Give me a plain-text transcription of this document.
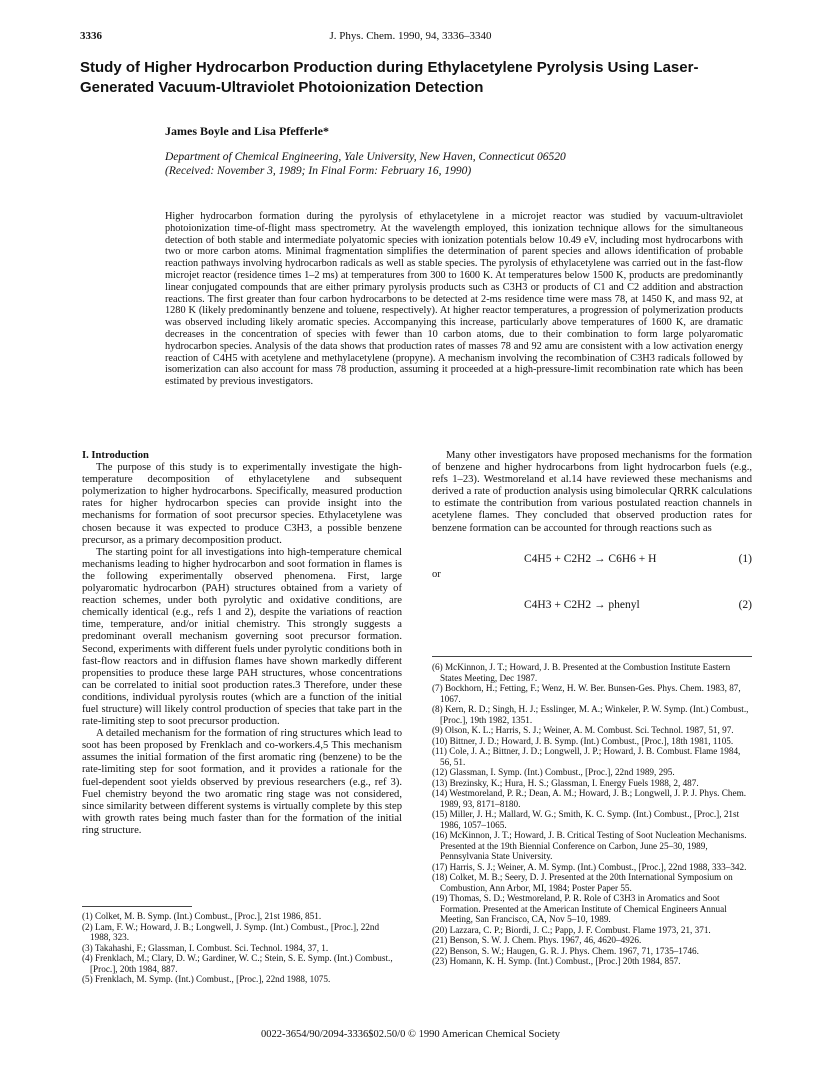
3336	J. Phys. Chem. 1990, 94, 3336–3340
Study of Higher Hydrocarbon Production during Ethylacetylene Pyrolysis Using Laser-Generated Vacuum-Ultraviolet Photoionization Detection
James Boyle and Lisa Pfefferle*
Department of Chemical Engineering, Yale University, New Haven, Connecticut 06520
(Received: November 3, 1989; In Final Form: February 16, 1990)
Higher hydrocarbon formation during the pyrolysis of ethylacetylene in a microjet reactor was studied by vacuum-ultraviolet photoionization time-of-flight mass spectrometry. At the wavelength employed, this ionization technique allows for the simultaneous detection of both stable and intermediate polyatomic species with ionization potentials below 10.49 eV, including most hydrocarbons with two or more carbon atoms. Minimal fragmentation simplifies the determination of parent species and allows identification of probable reaction pathways involving hydrocarbon radicals as well as stable species. The pyrolysis of ethylacetylene was carried out in the fast-flow microjet reactor (residence times 1–2 ms) at temperatures from 300 to 1600 K. At temperatures below 1500 K, products are predominantly linear conjugated compounds that are either primary pyrolysis products such as C3H3 or products of C1 and C2 addition and abstraction reactions. The first greater than four carbon hydrocarbons to be detected at 2-ms residence time were mass 78, at 1450 K, and mass 92, at 1280 K (likely predominantly benzene and toluene, respectively). At higher reactor temperatures, a progression of polymerization products was observed including likely aromatic species. Accompanying this increase, particularly above temperatures of 1600 K, are dramatic decreases in the concentration of species with fewer than 10 carbon atoms, due to their combination to form large polyaromatic hydrocarbon species. Analysis of the data shows that production rates of masses 78 and 92 amu are consistent with a low activation energy reaction of C4H5 with acetylene and methylacetylene (propyne). A mechanism involving the recombination of C3H3 radicals followed by isomerization can also account for mass 78 production, assuming it proceeded at a high-pressure-limit recombination rate which has been estimated by previous investigators.
I. Introduction

The purpose of this study is to experimentally investigate the high-temperature decomposition of ethylacetylene and subsequent polymerization to higher hydrocarbons. Specifically, measured production rates for higher hydrocarbon species can provide insight into the mechanisms for formation of soot precursor species. Ethylacetylene was chosen because it was expected to produce C3H3, a possible benzene precursor, as a primary decomposition product.

The starting point for all investigations into high-temperature chemical mechanisms leading to higher hydrocarbon and soot formation in flames is the following experimentally observed phenomena. First, large polyaromatic hydrocarbon (PAH) structures obtained from a variety of reaction schemes, under both pyrolytic and oxidative conditions, are chemically identical (e.g., refs 1 and 2), despite the variations of reaction time, temperature, and/or initial chemistry. This strongly suggests a predominant overall mechanism governing soot precursor formation. Second, experiments with different fuels under pyrolytic conditions both in fast-flow reactors and in diffusion flames have shown markedly different propensities to produce these large PAH structures, whose concentrations can be correlated to initial soot production rates.3 Therefore, under these conditions, individual pyrolysis routes (which are a function of the initial fuel structure) will likely control production of species that take part in the rate-limiting step to soot precursor production.

A detailed mechanism for the formation of ring structures which lead to soot has been proposed by Frenklach and co-workers.4,5 This mechanism assumes the initial formation of the first aromatic ring (benzene) to be the rate-limiting step for soot formation, and it provides a rationale for the fuel-dependent soot yields observed by previous researchers (e.g., ref 3). Fuel chemistry beyond the two aromatic ring stage was not considered, since similarity between different systems is virtually complete by this step with growth rates being much faster than for the formation of the initial ring structure.

Many other investigators have proposed mechanisms for the formation of benzene and higher hydrocarbons from light hydrocarbon fuels (e.g., refs 1–23). Westmoreland et al.14 have reviewed these mechanisms and derived a rate of production analysis using bimolecular QRRK calculations to estimate the contribution from various postulated reaction channels in acetylene flames. They concluded that observed production rates for benzene formation can be accounted for through reactions such as

C4H5 + C2H2 → C6H6 + H	(1)

or

C4H3 + C2H2 → phenyl	(2)
(1) Colket, M. B. Symp. (Int.) Combust., [Proc.], 21st 1986, 851.
(2) Lam, F. W.; Howard, J. B.; Longwell, J. Symp. (Int.) Combust., [Proc.], 22nd 1988, 323.
(3) Takahashi, F.; Glassman, I. Combust. Sci. Technol. 1984, 37, 1.
(4) Frenklach, M.; Clary, D. W.; Gardiner, W. C.; Stein, S. E. Symp. (Int.) Combust., [Proc.], 20th 1984, 887.
(5) Frenklach, M. Symp. (Int.) Combust., [Proc.], 22nd 1988, 1075.
(6) McKinnon, J. T.; Howard, J. B. Presented at the Combustion Institute Eastern States Meeting, Dec 1987.
(7) Bockhorn, H.; Fetting, F.; Wenz, H. W. Ber. Bunsen-Ges. Phys. Chem. 1983, 87, 1067.
(8) Kern, R. D.; Singh, H. J.; Esslinger, M. A.; Winkeler, P. W. Symp. (Int.) Combust., [Proc.], 19th 1982, 1351.
(9) Olson, K. L.; Harris, S. J.; Weiner, A. M. Combust. Sci. Technol. 1987, 51, 97.
(10) Bittner, J. D.; Howard, J. B. Symp. (Int.) Combust., [Proc.], 18th 1981, 1105.
(11) Cole, J. A.; Bittner, J. D.; Longwell, J. P.; Howard, J. B. Combust. Flame 1984, 56, 51.
(12) Glassman, I. Symp. (Int.) Combust., [Proc.], 22nd 1989, 295.
(13) Brezinsky, K.; Hura, H. S.; Glassman, I. Energy Fuels 1988, 2, 487.
(14) Westmoreland, P. R.; Dean, A. M.; Howard, J. B.; Longwell, J. P. J. Phys. Chem. 1989, 93, 8171–8180.
(15) Miller, J. H.; Mallard, W. G.; Smith, K. C. Symp. (Int.) Combust., [Proc.], 21st 1986, 1057–1065.
(16) McKinnon, J. T.; Howard, J. B. Critical Testing of Soot Nucleation Mechanisms. Presented at the 19th Biennial Conference on Carbon, June 25–30, 1989, Pennsylvania State University.
(17) Harris, S. J.; Weiner, A. M. Symp. (Int.) Combust., [Proc.], 22nd 1988, 333–342.
(18) Colket, M. B.; Seery, D. J. Presented at the 20th International Symposium on Combustion, Ann Arbor, MI, 1984; Poster Paper 55.
(19) Thomas, S. D.; Westmoreland, P. R. Role of C3H3 in Aromatics and Soot Formation. Presented at the American Institute of Chemical Engineers Annual Meeting, San Francisco, CA, Nov 5–10, 1989.
(20) Lazzara, C. P.; Biordi, J. C.; Papp, J. F. Combust. Flame 1973, 21, 371.
(21) Benson, S. W. J. Chem. Phys. 1967, 46, 4620–4926.
(22) Benson, S. W.; Haugen, G. R. J. Phys. Chem. 1967, 71, 1735–1746.
(23) Homann, K. H. Symp. (Int.) Combust., [Proc.] 20th 1984, 857.
0022-3654/90/2094-3336$02.50/0 © 1990 American Chemical Society
